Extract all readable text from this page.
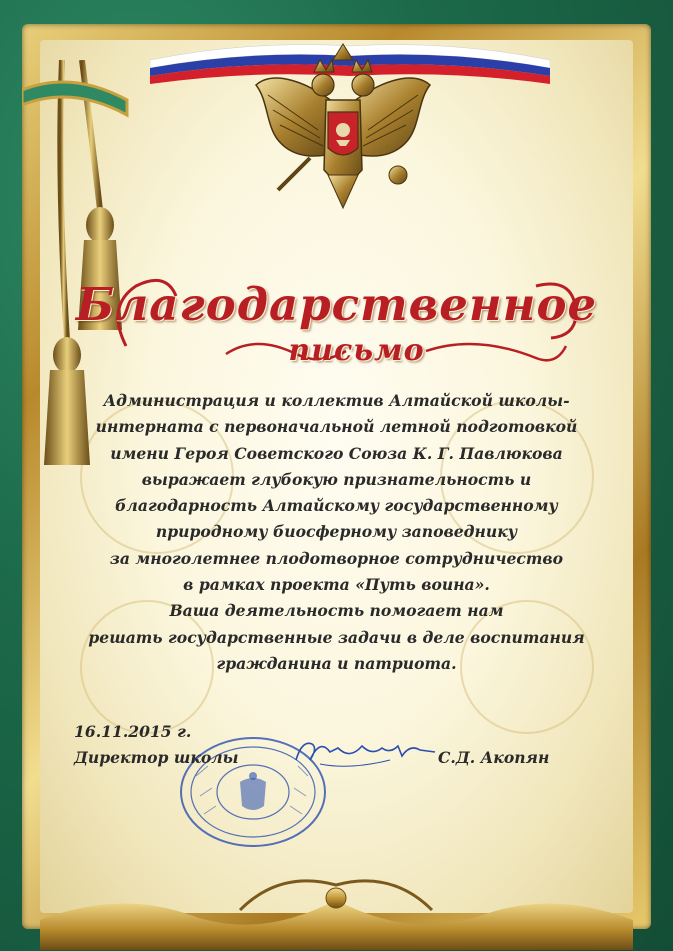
Благодарственное
письмо
Администрация и коллектив Алтайской школы-
интерната с первоначальной летной подготовкой
имени Героя Советского Союза К. Г. Павлюкова
выражает глубокую признательность и
благодарность Алтайскому государственному
природному биосферному заповеднику
за многолетнее плодотворное сотрудничество
в рамках проекта «Путь воина».
Ваша деятельность помогает нам
решать государственные задачи в деле воспитания
гражданина и патриота.
16.11.2015 г.
Директор школы	С.Д. Акопян
